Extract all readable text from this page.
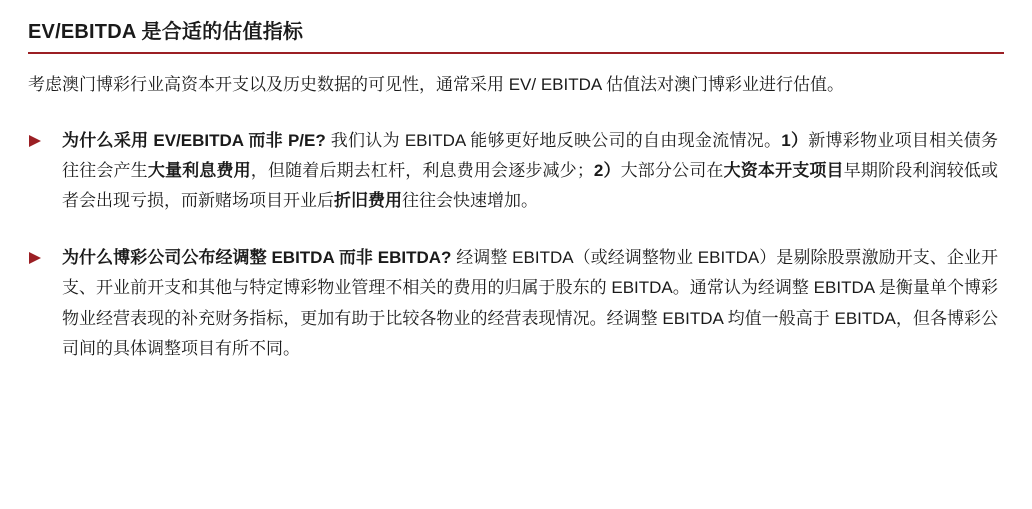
EV/EBITDA 是合适的估值指标

考虑澳门博彩行业高资本开支以及历史数据的可见性，通常采用 EV/ EBITDA 估值法对澳门博彩业进行估值。

为什么采用 EV/EBITDA 而非 P/E? 我们认为 EBITDA 能够更好地反映公司的自由现金流情况。1）新博彩物业项目相关债务往往会产生大量利息费用，但随着后期去杠杆，利息费用会逐步减少；2）大部分公司在大资本开支项目早期阶段利润较低或者会出现亏损，而新赌场项目开业后折旧费用往往会快速增加。
为什么博彩公司公布经调整 EBITDA 而非 EBITDA? 经调整 EBITDA（或经调整物业 EBITDA）是剔除股票激励开支、企业开支、开业前开支和其他与特定博彩物业管理不相关的费用的归属于股东的 EBITDA。通常认为经调整 EBITDA 是衡量单个博彩物业经营表现的补充财务指标，更加有助于比较各物业的经营表现情况。经调整 EBITDA 均值一般高于 EBITDA，但各博彩公司间的具体调整项目有所不同。
